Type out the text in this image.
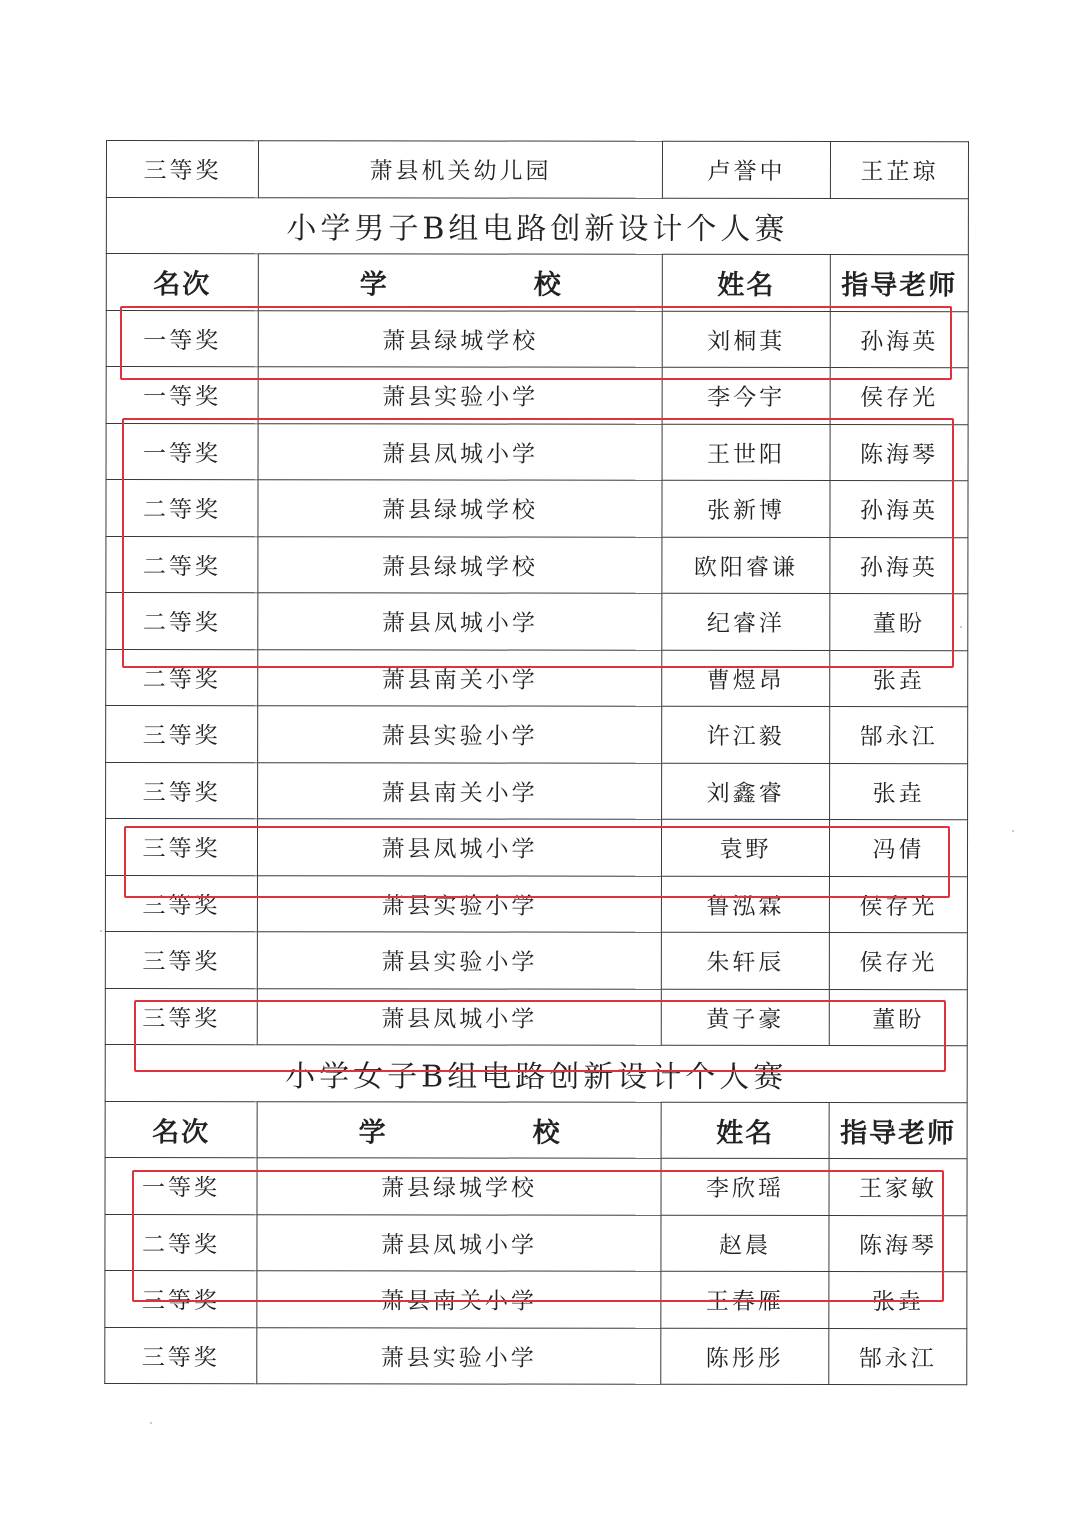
三等奖	萧县机关幼儿园	卢誉中	王芷琼
小学男子B组电路创新设计个人赛			
名次	学　校	姓名	指导老师
一等奖	萧县绿城学校	刘桐萁	孙海英
一等奖	萧县实验小学	李今宇	侯存光
一等奖	萧县凤城小学	王世阳	陈海琴
二等奖	萧县绿城学校	张新博	孙海英
二等奖	萧县绿城学校	欧阳睿谦	孙海英
二等奖	萧县凤城小学	纪睿洋	董盼
二等奖	萧县南关小学	曹煜昂	张垚
三等奖	萧县实验小学	许江毅	郜永江
三等奖	萧县南关小学	刘鑫睿	张垚
三等奖	萧县凤城小学	袁野	冯倩
三等奖	萧县实验小学	鲁泓霖	侯存光
三等奖	萧县实验小学	朱轩辰	侯存光
三等奖	萧县凤城小学	黄子豪	董盼
小学女子B组电路创新设计个人赛			
名次	学　校	姓名	指导老师
一等奖	萧县绿城学校	李欣瑶	王家敏
二等奖	萧县凤城小学	赵晨	陈海琴
三等奖	萧县南关小学	王春雁	张垚
三等奖	萧县实验小学	陈彤彤	郜永江
